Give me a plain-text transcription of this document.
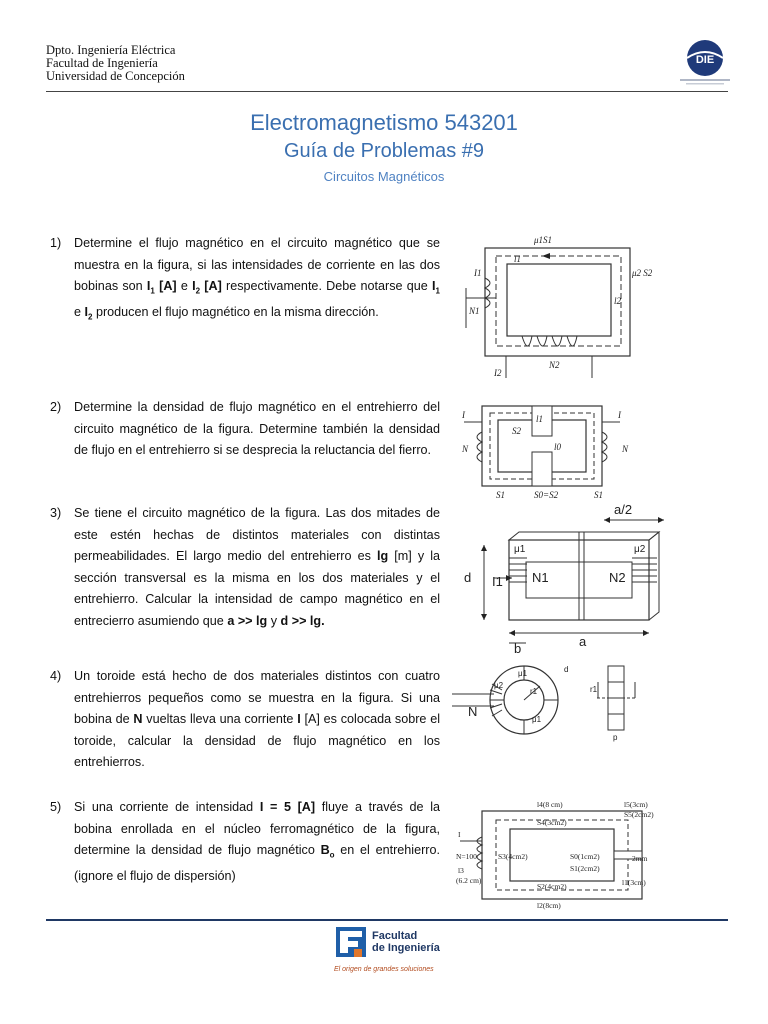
Dpto. Ingeniería Eléctrica
Facultad de Ingeniería
Universidad de Concepción
DIE
Electromagnetismo 543201
Guía de Problemas #9
Circuitos Magnéticos
1) Determine el flujo magnético en el circuito magnético que se muestra en la figura, si las intensidades de corriente en las dos bobinas son $I_1$ [A] e $I_2$ [A] respectivamente. Debe notarse que $I_1$ e $I_2$ producen el flujo magnético en la misma dirección.
2) Determine la densidad de flujo magnético en el entrehierro del circuito magnético de la figura. Determine también la densidad de flujo en el entrehierro si se desprecia la reluctancia del fierro.
3) Se tiene el circuito magnético de la figura. Las dos mitades de este estén hechas de distintos materiales con distintas permeabilidades. El largo medio del entrehierro es lg [m] y la sección transversal es la misma en los dos materiales y el entrehierro. Calcular la intensidad de campo magnético en el entrecierro asumiendo que a >> lg y d >> lg.
4) Un toroide está hecho de dos materiales distintos con cuatro entrehierros pequeños como se muestra en la figura. Si una bobina de N vueltas lleva una corriente I [A] es colocada sobre el toroide, calcular la densidad de flujo magnético en los entrehierros.
5) Si una corriente de intensidad I = 5 [A] fluye a través de la bobina enrollada en el núcleo ferromagnético de la figura, determine la densidad de flujo magnético $B_o$ en el entrehierro. (ignore el flujo de dispersión)
μ1S1
l1
μ2 S2
I1
N1
l2
I2
N2
I
S2
l1
l0
N	N
I
S1	S0=S2	S1
a/2
μ1	μ2
d I1 N1	N2
a
b
μ1
μ1
μ2
r1
N
r1
p
d
l4(8 cm)
S4(3cm2)
l5(3cm)
S5(2cm2)
I
N=100	S3(4cm2)	S0(1cm2)
S1(2cm2)
2mm
l3
(6.2 cm)
S2(4cm2)	l1(3cm)
l2(8cm)
Facultad
de Ingeniería
El origen de grandes soluciones
